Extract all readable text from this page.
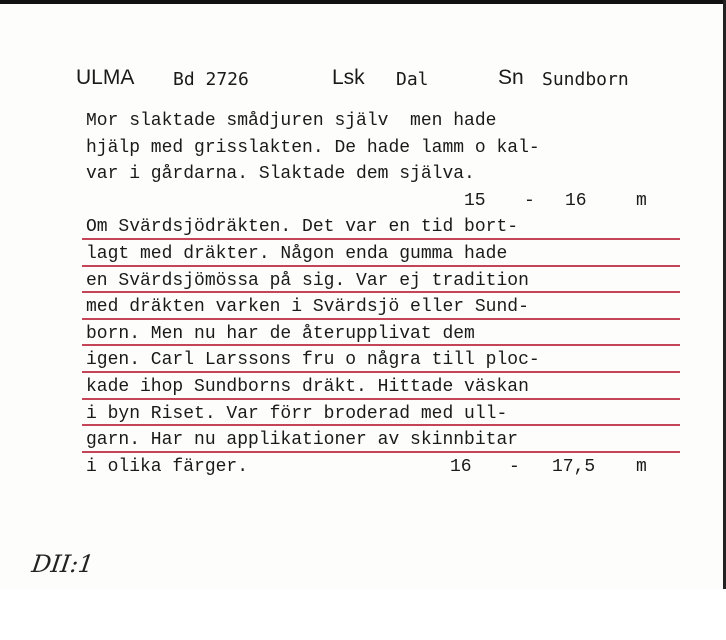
ULMA Bd 2726	Lsk Dal	Sn Sundborn
Mor slaktade smådjuren själv  men hade
hjälp med grisslakten. De hade lamm o kal-
var i gårdarna. Slaktade dem själva.

15

-

16

	m

Om Svärdsjödräkten. Det var en tid bort-
lagt med dräkter. Någon enda gumma hade
en Svärdsjömössa på sig. Var ej tradition
med dräkten varken i Svärdsjö eller Sund-
born. Men nu har de återupplivat dem
igen. Carl Larssons fru o några till ploc-
kade ihop Sundborns dräkt. Hittade väskan
i byn Riset. Var förr broderad med ull-
garn. Har nu applikationer av skinnbitar

i olika färger.

	16

-

17,5

m

DII:1
